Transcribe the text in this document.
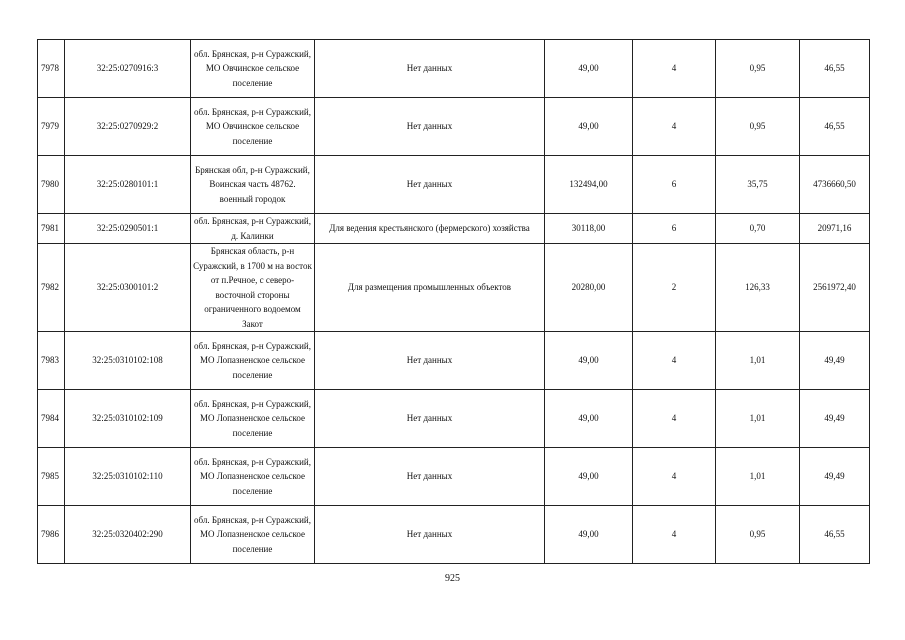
7978	32:25:0270916:3	обл. Брянская, р-н Суражский, МО Овчинское сельское поселение	Нет данных	49,00	4	0,95	46,55
7979	32:25:0270929:2	обл. Брянская, р-н Суражский, МО Овчинское сельское поселение	Нет данных	49,00	4	0,95	46,55
7980	32:25:0280101:1	Брянская обл, р-н Суражский, Воинская часть 48762. военный городок	Нет данных	132494,00	6	35,75	4736660,50
7981	32:25:0290501:1	обл. Брянская, р-н Суражский, д. Калинки	Для ведения крестьянского (фермерского) хозяйства	30118,00	6	0,70	20971,16
7982	32:25:0300101:2	Брянская область, р-н Суражский, в 1700 м на восток от п.Речное, с северо-восточной стороны ограниченного водоемом Закот	Для размещения промышленных объектов	20280,00	2	126,33	2561972,40
7983	32:25:0310102:108	обл. Брянская, р-н Суражский, МО Лопазненское сельское поселение	Нет данных	49,00	4	1,01	49,49
7984	32:25:0310102:109	обл. Брянская, р-н Суражский, МО Лопазненское сельское поселение	Нет данных	49,00	4	1,01	49,49
7985	32:25:0310102:110	обл. Брянская, р-н Суражский, МО Лопазненское сельское поселение	Нет данных	49,00	4	1,01	49,49
7986	32:25:0320402:290	обл. Брянская, р-н Суражский, МО Лопазненское сельское поселение	Нет данных	49,00	4	0,95	46,55
925
